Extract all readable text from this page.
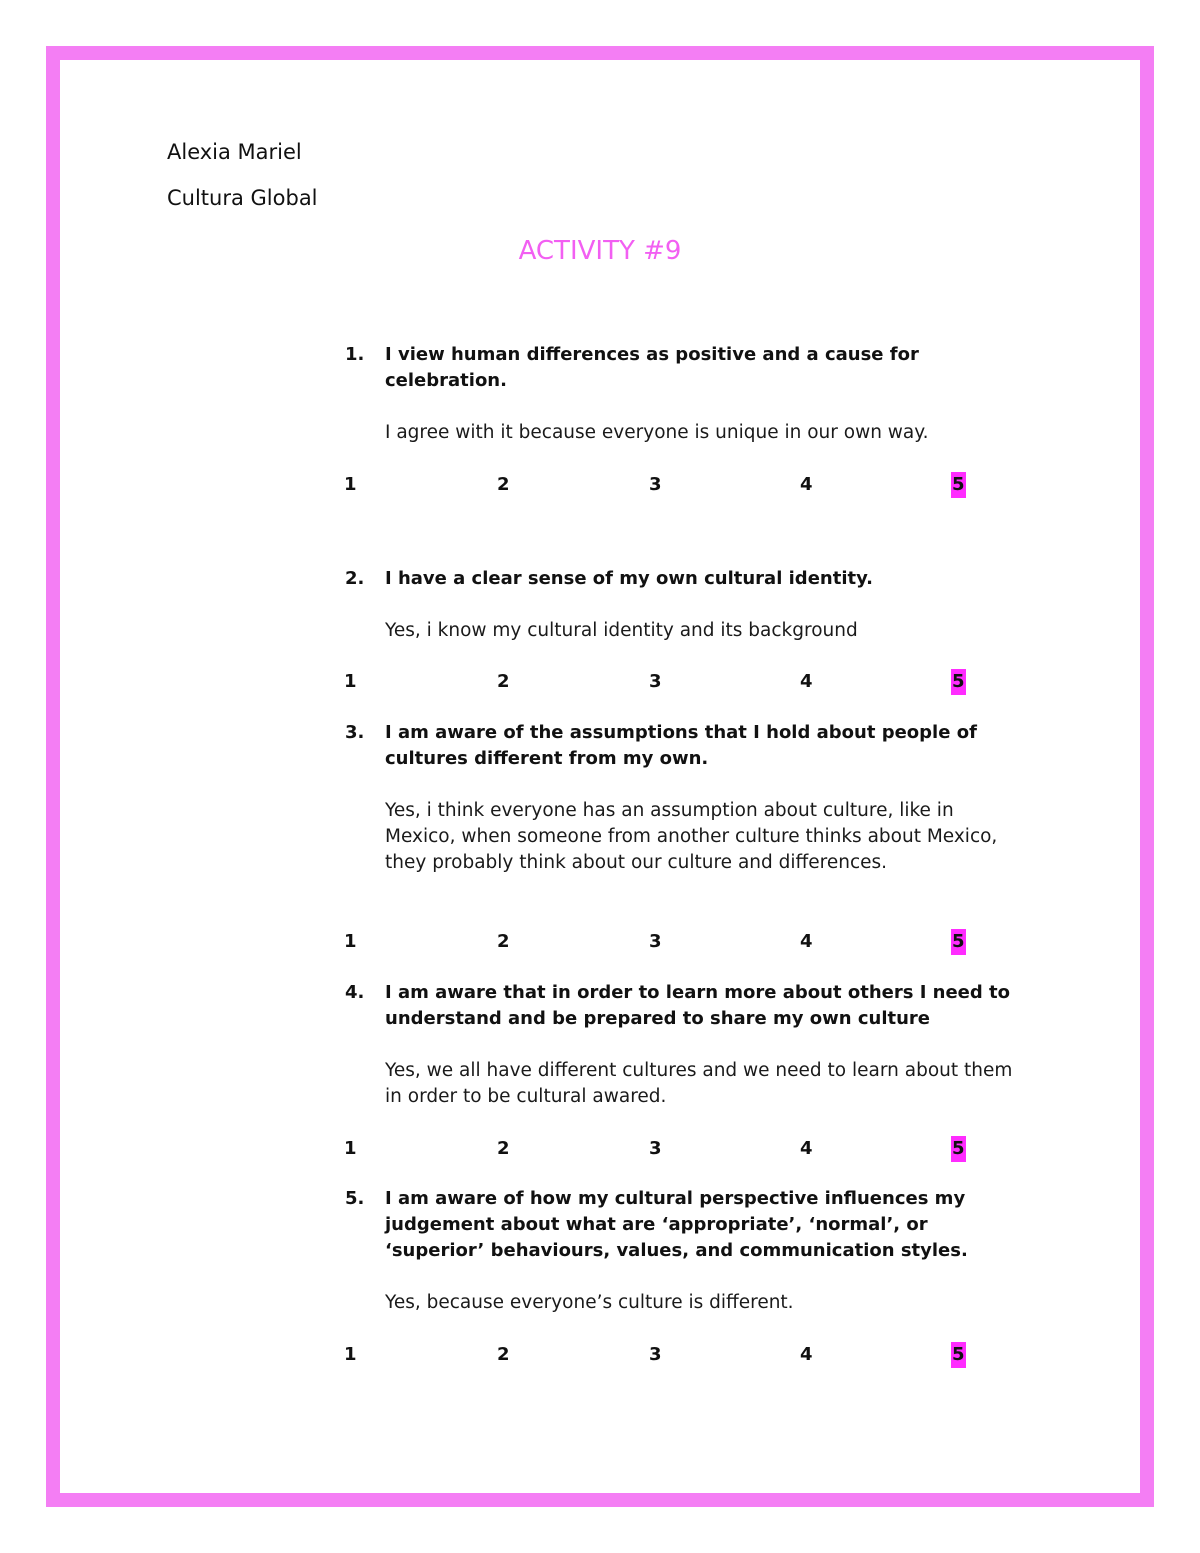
Alexia Mariel
Cultura Global
ACTIVITY #9
1.	I view human differences as positive and a cause for celebration.
I agree with it because everyone is unique in our own way.
1	2	3	4	5
2.	I have a clear sense of my own cultural identity.
Yes, i know my cultural identity and its background
1	2	3	4	5
3.	I am aware of the assumptions that I hold about people of cultures different from my own.
Yes, i think everyone has an assumption about culture, like in Mexico, when someone from another culture thinks about Mexico, they probably think about our culture and differences.
1	2	3	4	5
4.	I am aware that in order to learn more about others I need to understand and be prepared to share my own culture
Yes, we all have different cultures and we need to learn about them in order to be cultural awared.
1	2	3	4	5
5.	I am aware of how my cultural perspective influences my judgement about what are ‘appropriate’, ‘normal’, or ‘superior’ behaviours, values, and communication styles.
Yes, because everyone’s culture is different.
1	2	3	4	5
